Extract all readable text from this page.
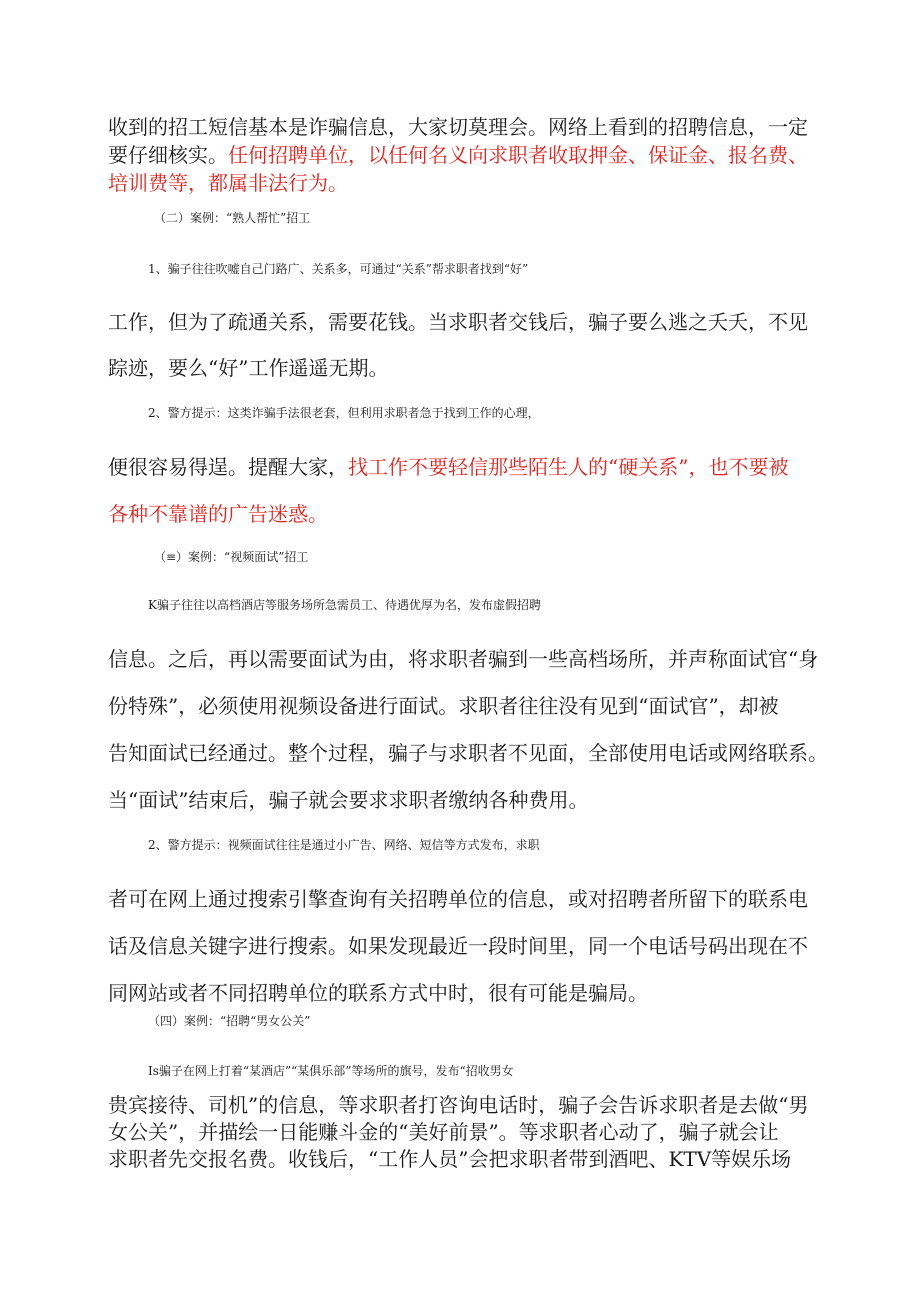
收到的招工短信基本是诈骗信息，大家切莫理会。网络上看到的招聘信息，一定
要仔细核实。任何招聘单位，以任何名义向求职者收取押金、保证金、报名费、
培训费等，都属非法行为。
（二）案例：“熟人帮忙”招工
1、骗子往往吹嘘自己门路广、关系多，可通过“关系”帮求职者找到“好”
工作，但为了疏通关系，需要花钱。当求职者交钱后，骗子要么逃之夭夭，不见
踪迹，要么“好”工作遥遥无期。
2、警方提示：这类诈骗手法很老套，但利用求职者急于找到工作的心理，
便很容易得逞。提醒大家，找工作不要轻信那些陌生人的“硬关系”，也不要被
各种不靠谱的广告迷惑。
（≡）案例：“视频面试”招工
K骗子往往以高档酒店等服务场所急需员工、待遇优厚为名，发布虚假招聘
信息。之后，再以需要面试为由，将求职者骗到一些高档场所，并声称面试官“身
份特殊”，必须使用视频设备进行面试。求职者往往没有见到“面试官”，却被
告知面试已经通过。整个过程，骗子与求职者不见面，全部使用电话或网络联系。
当“面试”结束后，骗子就会要求求职者缴纳各种费用。
2、警方提示：视频面试往往是通过小广告、网络、短信等方式发布，求职
者可在网上通过搜索引擎查询有关招聘单位的信息，或对招聘者所留下的联系电
话及信息关键字进行搜索。如果发现最近一段时间里，同一个电话号码出现在不
同网站或者不同招聘单位的联系方式中时，很有可能是骗局。
（四）案例：“招聘“男女公关”
Is骗子在网上打着“某酒店”“某俱乐部”等场所的旗号，发布“招收男女
贵宾接待、司机”的信息，等求职者打咨询电话时，骗子会告诉求职者是去做“男
女公关”，并描绘一日能赚斗金的“美好前景”。等求职者心动了，骗子就会让
求职者先交报名费。收钱后，“工作人员”会把求职者带到酒吧、KTV等娱乐场
